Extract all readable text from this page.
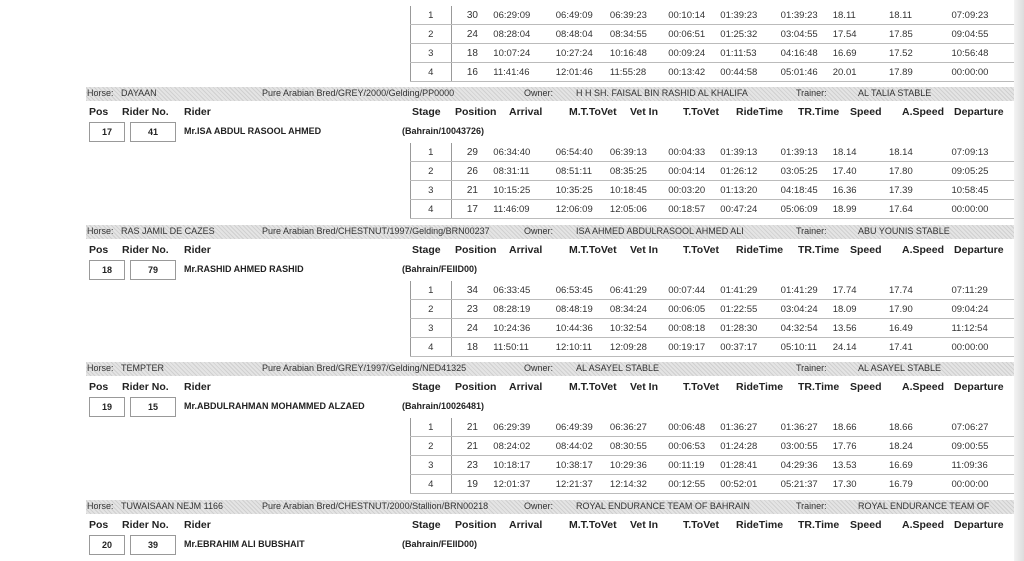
1	30	06:29:09	06:49:09	06:39:23	00:10:14	01:39:23	01:39:23	18.11	18.11	07:09:23
2	24	08:28:04	08:48:04	08:34:55	00:06:51	01:25:32	03:04:55	17.54	17.85	09:04:55
3	18	10:07:24	10:27:24	10:16:48	00:09:24	01:11:53	04:16:48	16.69	17.52	10:56:48
4	16	11:41:46	12:01:46	11:55:28	00:13:42	00:44:58	05:01:46	20.01	17.89	00:00:00
Horse: DAYAAN	Pure Arabian Bred/GREY/2000/Gelding/PP0000	Owner:	H H SH. FAISAL BIN RASHID AL KHALIFA	Trainer:	AL TALIA STABLE
Pos Rider No. Rider	Stage Position Arrival	M.T.ToVet Vet In T.ToVet RideTime TR.Time Speed A.Speed Departure
17	41	Mr.ISA ABDUL RASOOL AHMED	(Bahrain/10043726)
1	29	06:34:40	06:54:40	06:39:13	00:04:33	01:39:13	01:39:13	18.14	18.14	07:09:13
2	26	08:31:11	08:51:11	08:35:25	00:04:14	01:26:12	03:05:25	17.40	17.80	09:05:25
3	21	10:15:25	10:35:25	10:18:45	00:03:20	01:13:20	04:18:45	16.36	17.39	10:58:45
4	17	11:46:09	12:06:09	12:05:06	00:18:57	00:47:24	05:06:09	18.99	17.64	00:00:00
Horse: RAS JAMIL DE CAZES	Pure Arabian Bred/CHESTNUT/1997/Gelding/BRN00237	Owner:	ISA AHMED ABDULRASOOL AHMED ALI	Trainer:	ABU YOUNIS STABLE
Pos Rider No. Rider	Stage Position Arrival	M.T.ToVet Vet In T.ToVet RideTime TR.Time Speed A.Speed Departure
18	79	Mr.RASHID AHMED RASHID	(Bahrain/FEIID00)
1	34	06:33:45	06:53:45	06:41:29	00:07:44	01:41:29	01:41:29	17.74	17.74	07:11:29
2	23	08:28:19	08:48:19	08:34:24	00:06:05	01:22:55	03:04:24	18.09	17.90	09:04:24
3	24	10:24:36	10:44:36	10:32:54	00:08:18	01:28:30	04:32:54	13.56	16.49	11:12:54
4	18	11:50:11	12:10:11	12:09:28	00:19:17	00:37:17	05:10:11	24.14	17.41	00:00:00
Horse: TEMPTER	Pure Arabian Bred/GREY/1997/Gelding/NED41325	Owner:	AL ASAYEL STABLE	Trainer:	AL ASAYEL STABLE
Pos Rider No. Rider	Stage Position Arrival	M.T.ToVet Vet In T.ToVet RideTime TR.Time Speed A.Speed Departure
19	15	Mr.ABDULRAHMAN MOHAMMED ALZAED	(Bahrain/10026481)
1	21	06:29:39	06:49:39	06:36:27	00:06:48	01:36:27	01:36:27	18.66	18.66	07:06:27
2	21	08:24:02	08:44:02	08:30:55	00:06:53	01:24:28	03:00:55	17.76	18.24	09:00:55
3	23	10:18:17	10:38:17	10:29:36	00:11:19	01:28:41	04:29:36	13.53	16.69	11:09:36
4	19	12:01:37	12:21:37	12:14:32	00:12:55	00:52:01	05:21:37	17.30	16.79	00:00:00
Horse: TUWAISAAN NEJM 1166	Pure Arabian Bred/CHESTNUT/2000/Stallion/BRN00218	Owner:	ROYAL ENDURANCE TEAM OF BAHRAIN	Trainer:	ROYAL ENDURANCE TEAM OF
Pos Rider No. Rider	Stage Position Arrival	M.T.ToVet Vet In T.ToVet RideTime TR.Time Speed A.Speed Departure
20	39	Mr.EBRAHIM ALI BUBSHAIT	(Bahrain/FEIID00)
